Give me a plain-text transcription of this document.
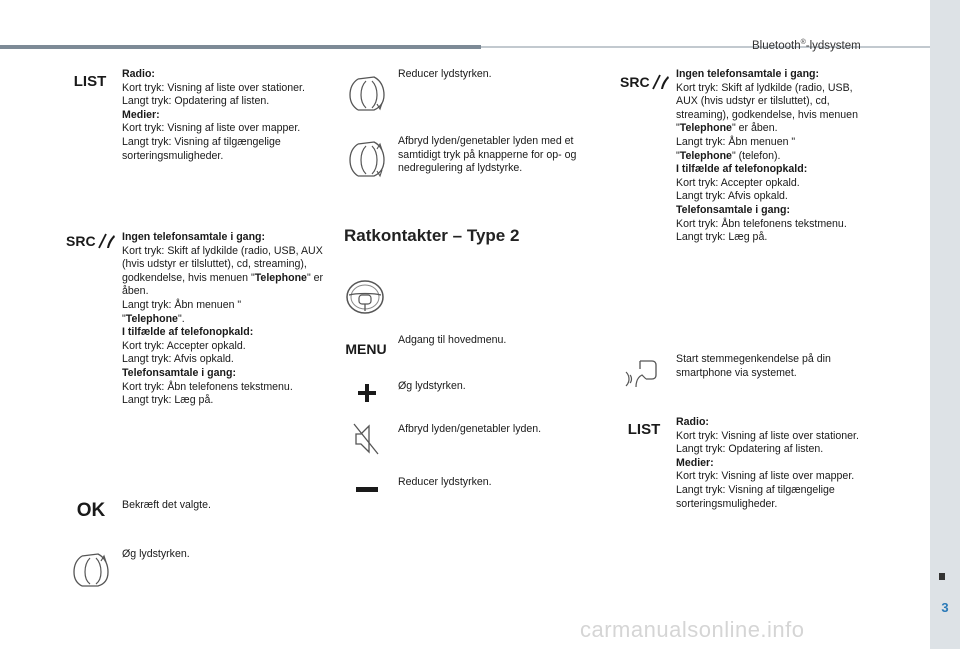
Bluetooth®-lydsystem
3
carmanualsonline.info
LIST	Radio:
Kort tryk: Visning af liste over stationer.
Langt tryk: Opdatering af listen.
Medier:
Kort tryk: Visning af liste over mapper.
Langt tryk: Visning af tilgængelige sorteringsmuligheder.
SRC Ingen telefonsamtale i gang:
Kort tryk: Skift af lydkilde (radio, USB, AUX (hvis udstyr er tilsluttet), cd, streaming), godkendelse, hvis menuen "Telephone" er åben.
Langt tryk: Åbn menuen "
"Telephone".
I tilfælde af telefonopkald:
Kort tryk: Accepter opkald.
Langt tryk: Afvis opkald.
Telefonsamtale i gang:
Kort tryk: Åbn telefonens tekstmenu.
Langt tryk: Læg på.
OK	Bekræft det valgte.
Øg lydstyrken.
Reducer lydstyrken.
Afbryd lyden/genetabler lyden med et samtidigt tryk på knapperne for op- og nedregulering af lydstyrke.
Ratkontakter – Type 2
MENU
Adgang til hovedmenu.
Øg lydstyrken.
Afbryd lyden/genetabler lyden.
Reducer lydstyrken.
SRC Ingen telefonsamtale i gang:
Kort tryk: Skift af lydkilde (radio, USB, AUX (hvis udstyr er tilsluttet), cd, streaming), godkendelse, hvis menuen "Telephone" er åben.
Langt tryk: Åbn menuen "
"Telephone" (telefon).
I tilfælde af telefonopkald:
Kort tryk: Accepter opkald.
Langt tryk: Afvis opkald.
Telefonsamtale i gang:
Kort tryk: Åbn telefonens tekstmenu.
Langt tryk: Læg på.
Start stemmegenkendelse på din smartphone via systemet.
LIST	Radio:
Kort tryk: Visning af liste over stationer.
Langt tryk: Opdatering af listen.
Medier:
Kort tryk: Visning af liste over mapper.
Langt tryk: Visning af tilgængelige sorteringsmuligheder.
